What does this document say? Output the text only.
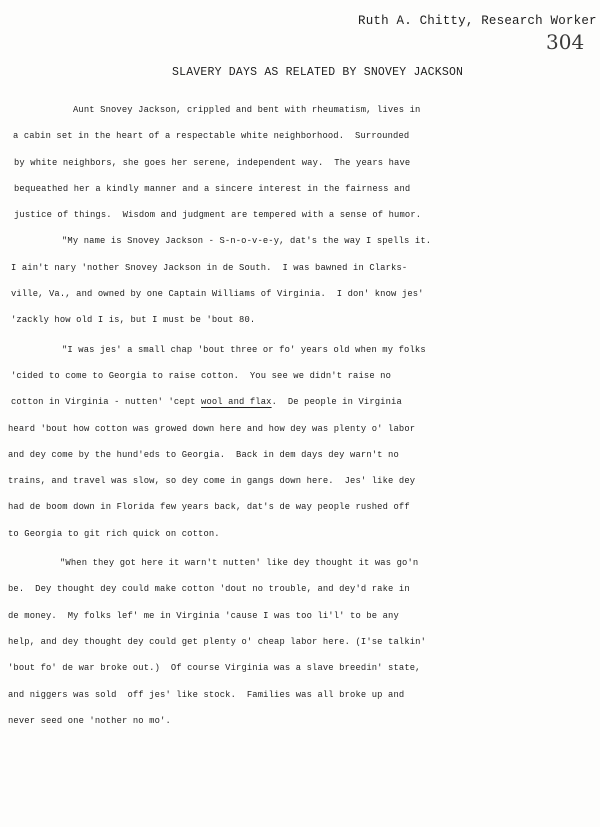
Ruth A. Chitty, Research Worker
304
SLAVERY DAYS AS RELATED BY SNOVEY JACKSON
Aunt Snovey Jackson, crippled and bent with rheumatism, lives in
a cabin set in the heart of a respectable white neighborhood.  Surrounded
by white neighbors, she goes her serene, independent way.  The years have
bequeathed her a kindly manner and a sincere interest in the fairness and
justice of things.  Wisdom and judgment are tempered with a sense of humor.
"My name is Snovey Jackson - S-n-o-v-e-y, dat's the way I spells it.
I ain't nary 'nother Snovey Jackson in de South.  I was bawned in Clarks-
ville, Va., and owned by one Captain Williams of Virginia.  I don' know jes'
'zackly how old I is, but I must be 'bout 80.
"I was jes' a small chap 'bout three or fo' years old when my folks
'cided to come to Georgia to raise cotton.  You see we didn't raise no
cotton in Virginia - nutten' 'cept wool and flax.  De people in Virginia
heard 'bout how cotton was growed down here and how dey was plenty o' labor
and dey come by the hund'eds to Georgia.  Back in dem days dey warn't no
trains, and travel was slow, so dey come in gangs down here.  Jes' like dey
had de boom down in Florida few years back, dat's de way people rushed off
to Georgia to git rich quick on cotton.
"When they got here it warn't nutten' like dey thought it was go'n
be.  Dey thought dey could make cotton 'dout no trouble, and dey'd rake in
de money.  My folks lef' me in Virginia 'cause I was too li'l' to be any
help, and dey thought dey could get plenty o' cheap labor here. (I'se talkin'
'bout fo' de war broke out.)  Of course Virginia was a slave breedin' state,
and niggers was sold  off jes' like stock.  Families was all broke up and
never seed one 'nother no mo'.
